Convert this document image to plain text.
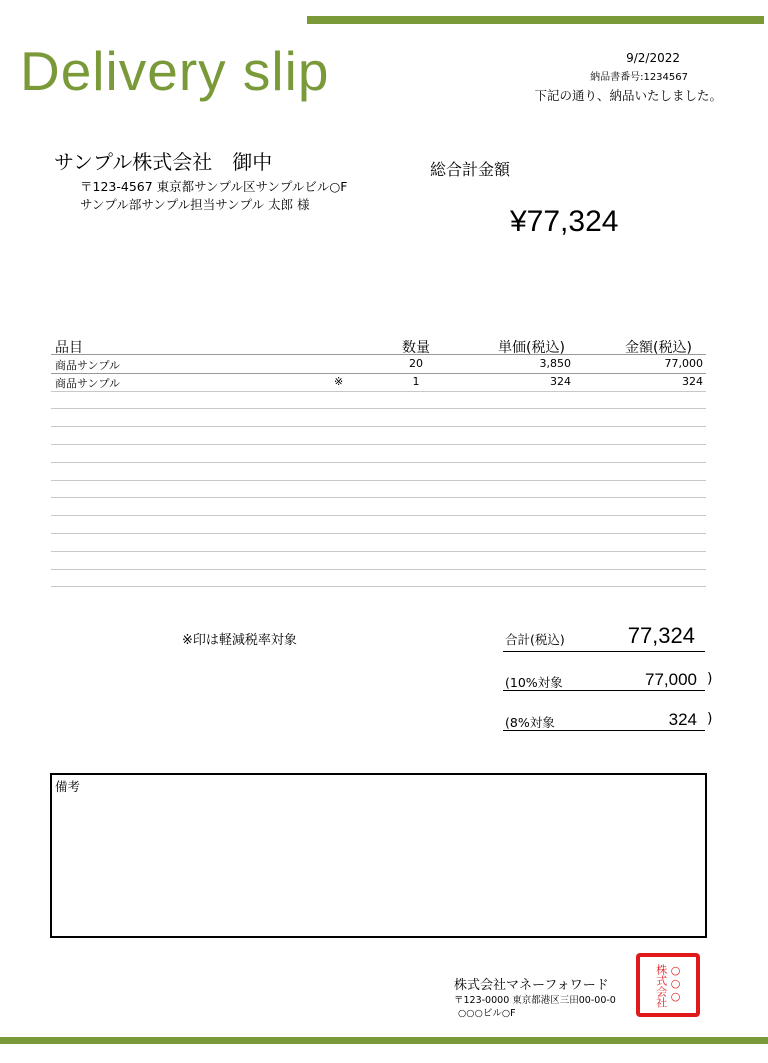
Delivery slip	9/2/2022
納品書番号:1234567
下記の通り、納品いたしました。
サンプル株式会社　御中
〒123-4567 東京都サンプル区サンプルビル○F
サンプル部サンプル担当サンプル 太郎 様
総合計金額
¥77,324
品目	数量	単価(税込)	金額(税込)
商品サンプル	20	3,850	77,000
商品サンプル	※	1	324	324
※印は軽減税率対象	合計(税込)	77,324
(10%対象	77,000 )
(8%対象	324 )
備考
株式会社マネーフォワード
〒123-0000 東京都港区三田00-00-0
○○○ビル○F
○○○
株式会社
